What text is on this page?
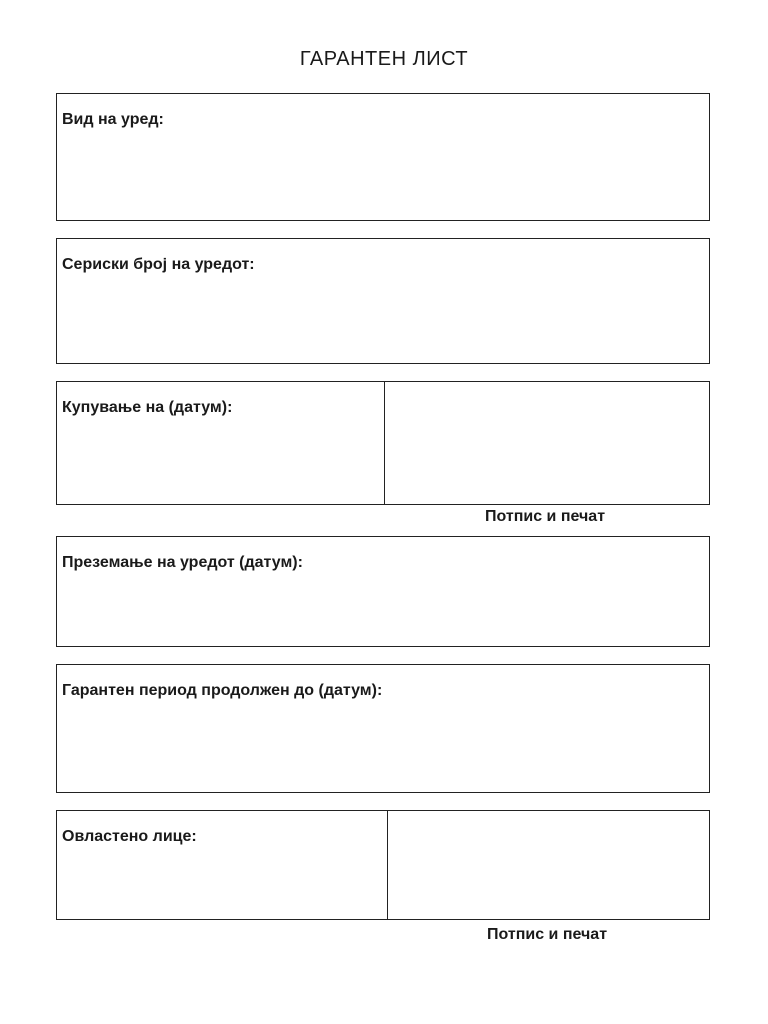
ГАРАНТЕН ЛИСТ
Вид на уред:
Сериски број на уредот:
Купување на (датум):
Потпис и печат
Преземање на уредот (датум):
Гарантен период продолжен до (датум):
Овластено лице:
Потпис и печат
